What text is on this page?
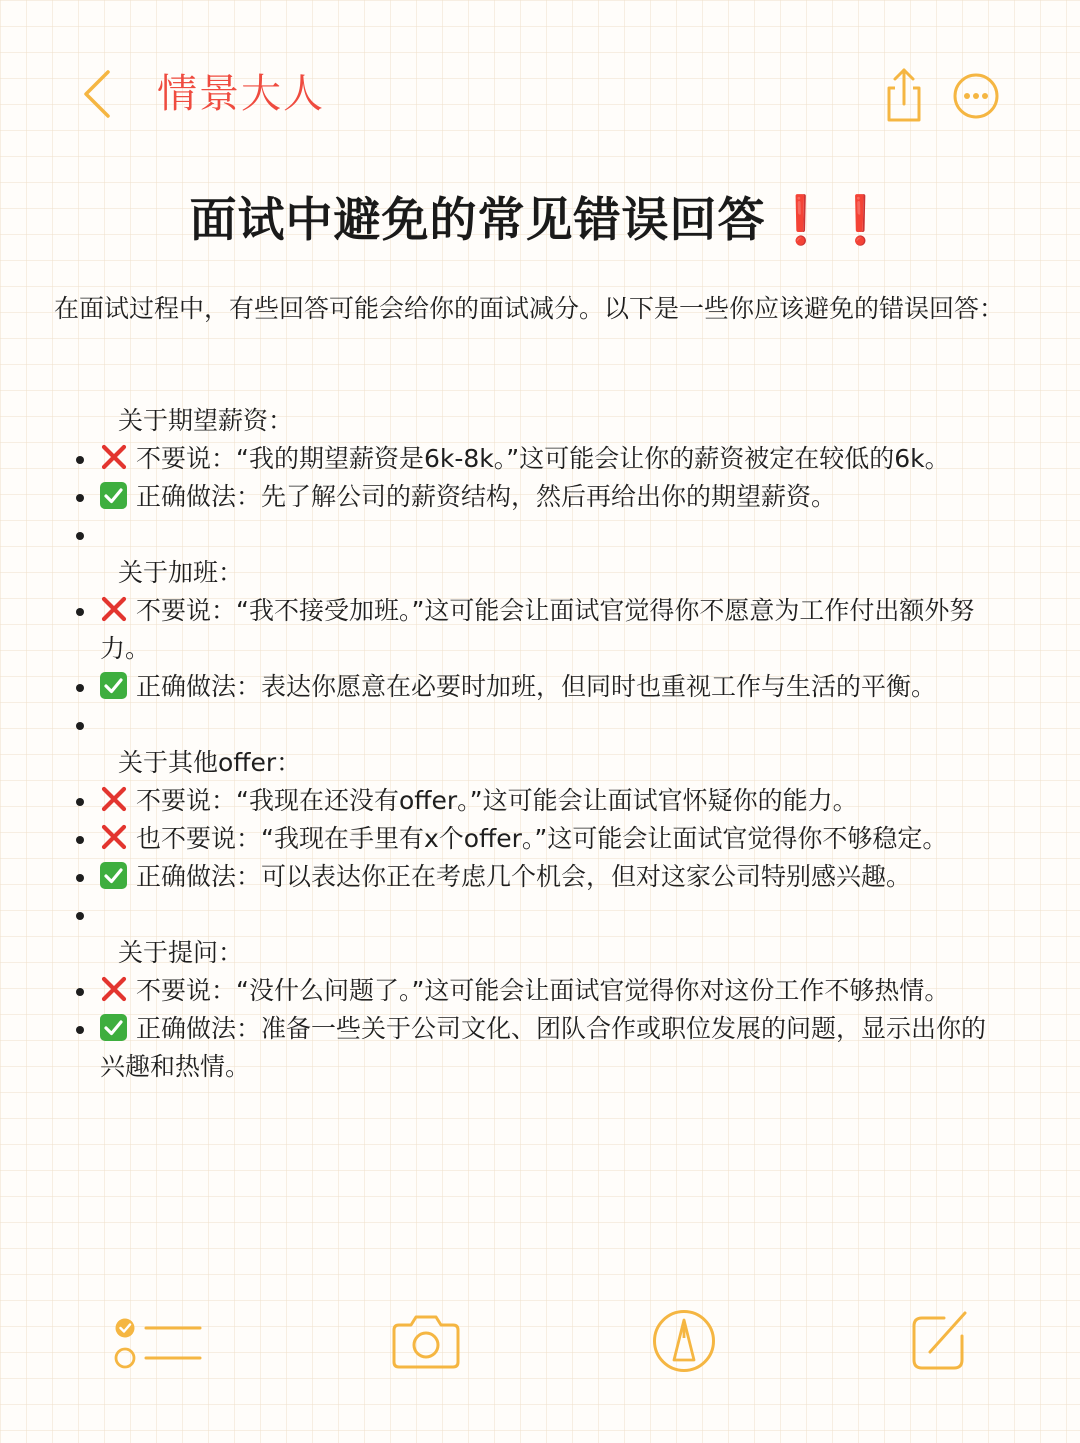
情景大人
面试中避免的常见错误回答 ❗❗
在面试过程中，有些回答可能会给你的面试减分。以下是一些你应该避免的错误回答：
关于期望薪资：
不要说：“我的期望薪资是6k-8k。”这可能会让你的薪资被定在较低的6k。
正确做法：先了解公司的薪资结构，然后再给出你的期望薪资。
关于加班：
不要说：“我不接受加班。”这可能会让面试官觉得你不愿意为工作付出额外努力。
正确做法：表达你愿意在必要时加班，但同时也重视工作与生活的平衡。
关于其他offer：
不要说：“我现在还没有offer。”这可能会让面试官怀疑你的能力。
也不要说：“我现在手里有x个offer。”这可能会让面试官觉得你不够稳定。
正确做法：可以表达你正在考虑几个机会，但对这家公司特别感兴趣。
关于提问：
不要说：“没什么问题了。”这可能会让面试官觉得你对这份工作不够热情。
正确做法：准备一些关于公司文化、团队合作或职位发展的问题，显示出你的兴趣和热情。
